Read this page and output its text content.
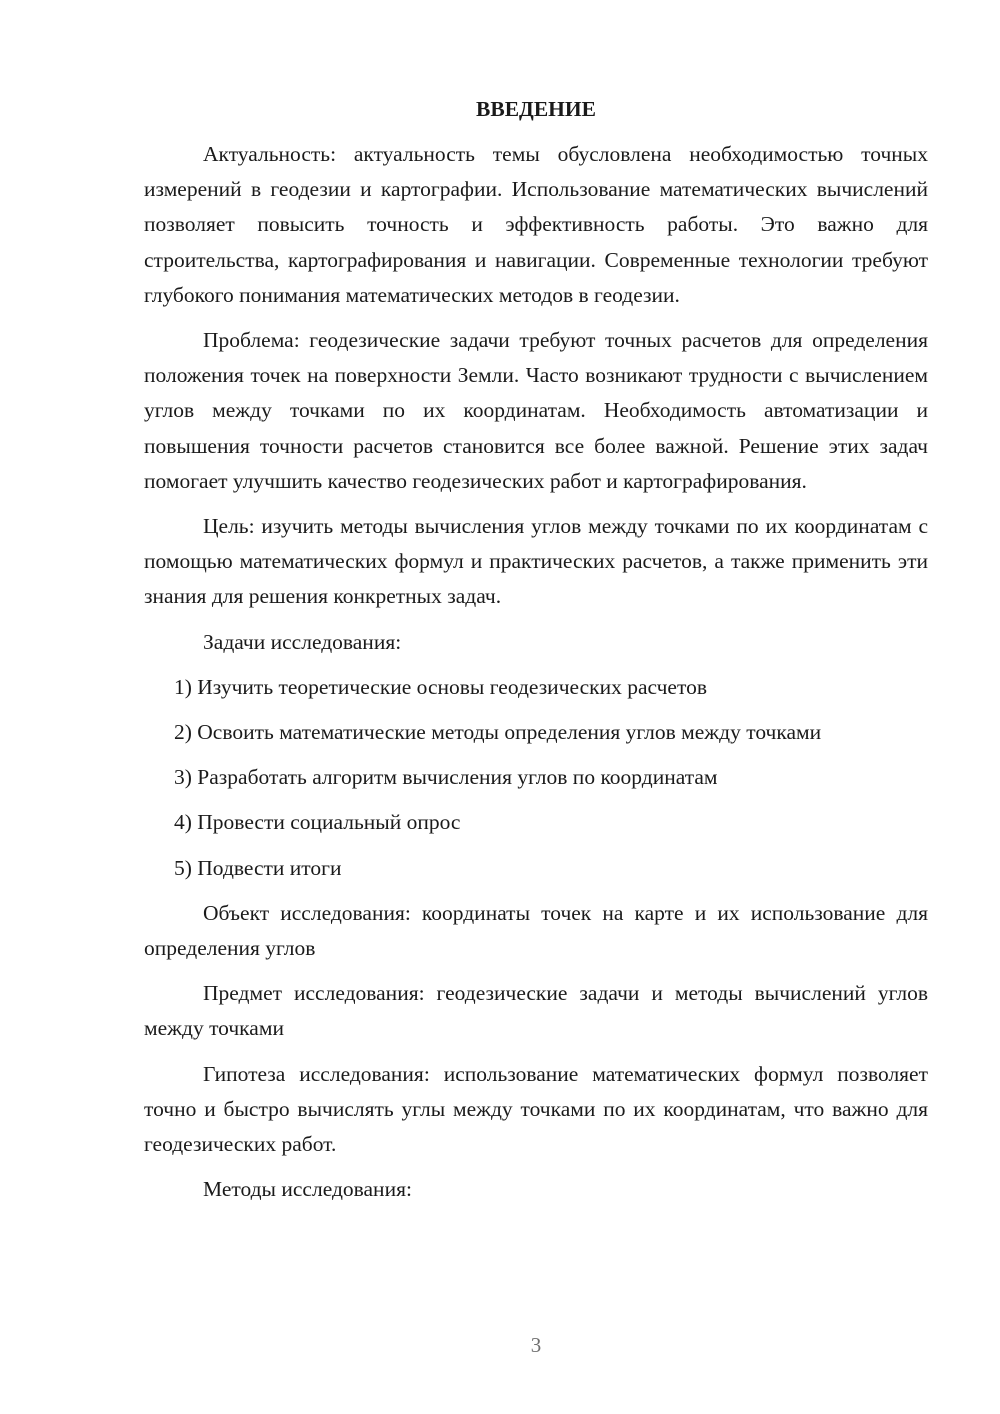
ВВЕДЕНИЕ

Актуальность: актуальность темы обусловлена необходимостью точных измерений в геодезии и картографии. Использование математических вычислений позволяет повысить точность и эффективность работы. Это важно для строительства, картографирования и навигации. Современные технологии требуют глубокого понимания математических методов в геодезии.

Проблема: геодезические задачи требуют точных расчетов для определения положения точек на поверхности Земли. Часто возникают трудности с вычислением углов между точками по их координатам. Необходимость автоматизации и повышения точности расчетов становится все более важной. Решение этих задач помогает улучшить качество геодезических работ и картографирования.

Цель: изучить методы вычисления углов между точками по их координатам с помощью математических формул и практических расчетов, а также применить эти знания для решения конкретных задач.

Задачи исследования:

1) Изучить теоретические основы геодезических расчетов

2) Освоить математические методы определения углов между точками

3) Разработать алгоритм вычисления углов по координатам

4) Провести социальный опрос

5) Подвести итоги

Объект исследования: координаты точек на карте и их использование для определения углов

Предмет исследования: геодезические задачи и методы вычислений углов между точками

Гипотеза исследования: использование математических формул позволяет точно и быстро вычислять углы между точками по их координатам, что важно для геодезических работ.

Методы исследования:

3
